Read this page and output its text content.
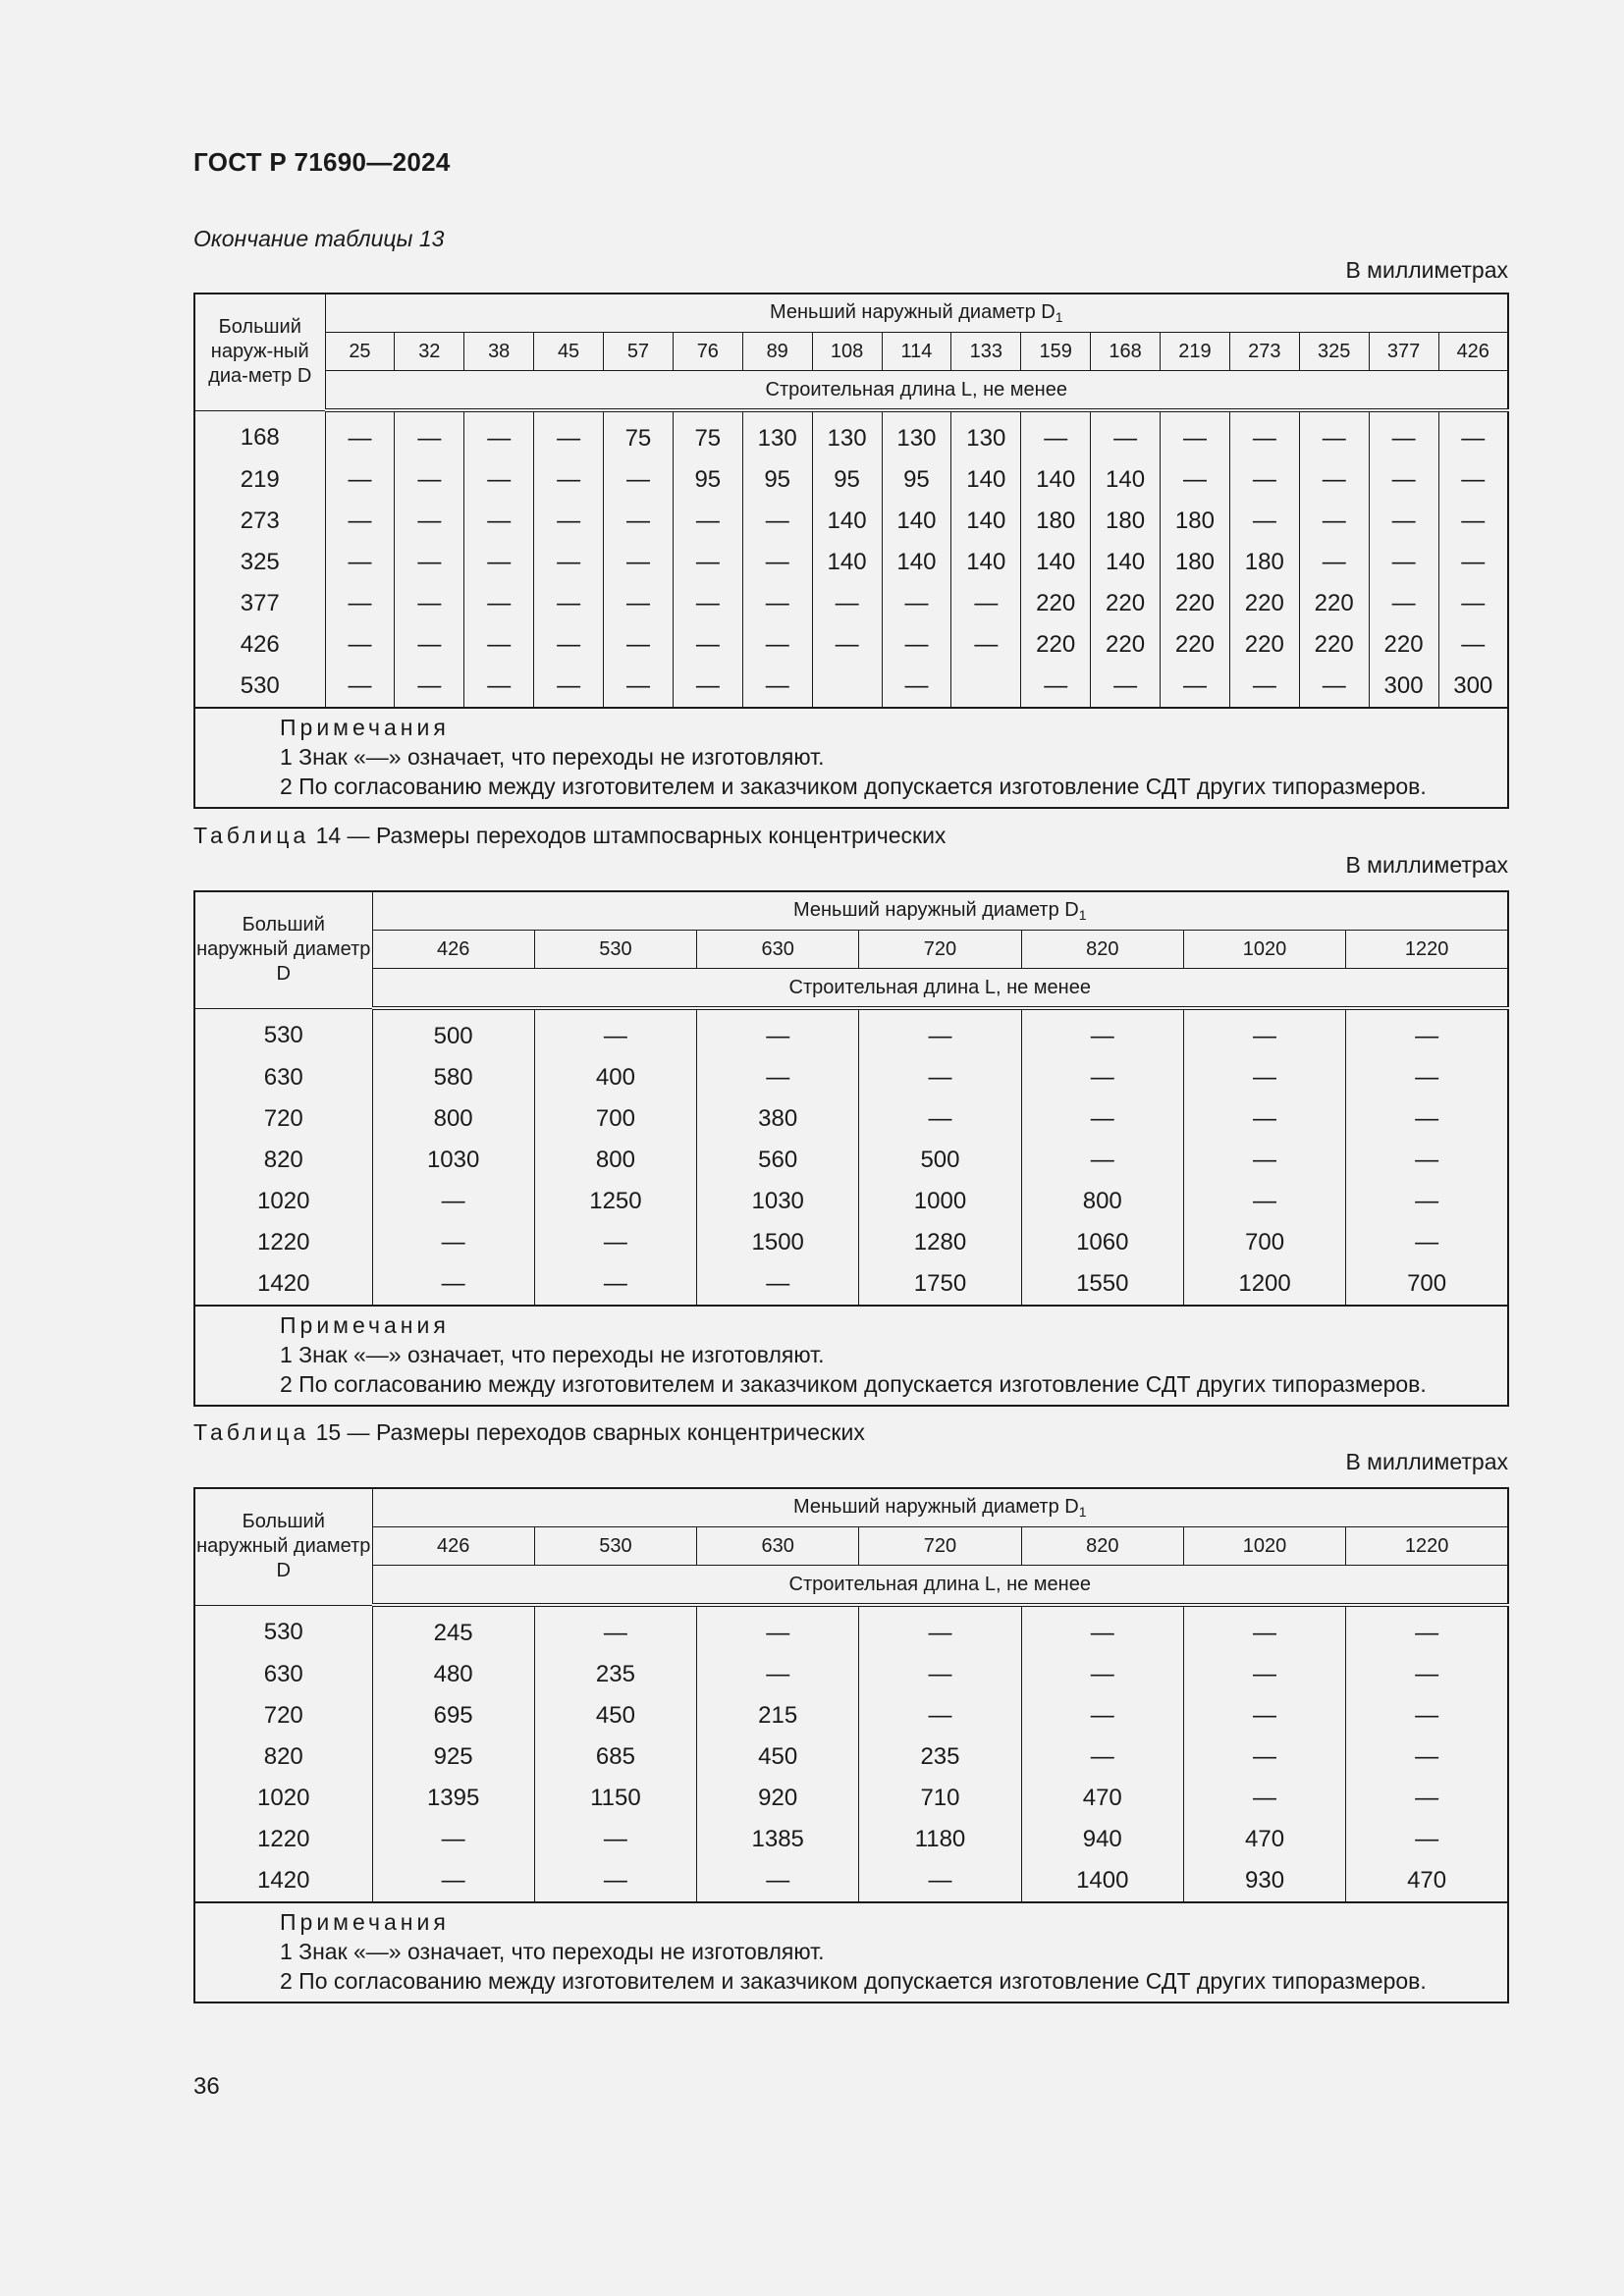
ГОСТ Р 71690—2024
Окончание таблицы 13
В миллиметрах
Больший наруж-ный диа-метр D	Меньший наружный диаметр $D_1$
	25	32	38	45	57	76	89	108	114	133	159	168	219	273	325	377	426
	Строительная длина L, не менее																
168	—	—	—	—	75	75	130	130	130	130	—	—	—	—	—	—	—
219	—	—	—	—	—	95	95	95	95	140	140	140	—	—	—	—	—
273	—	—	—	—	—	—	—	140	140	140	180	180	180	—	—	—	—
325	—	—	—	—	—	—	—	140	140	140	140	140	180	180	—	—	—
377	—	—	—	—	—	—	—	—	—	—	220	220	220	220	220	—	—
426	—	—	—	—	—	—	—	—	—	—	220	220	220	220	220	220	—
530	—	—	—	—	—	—	—		—		—	—	—	—	—	300	300

Примечания
1 Знак «—» означает, что переходы не изготовляют.
2 По согласованию между изготовителем и заказчиком допускается изготовление СДТ других типоразмеров.																	
Таблица 14 — Размеры переходов штампосварных концентрических
В миллиметрах
Больший наружный диаметр D	Меньший наружный диаметр $D_1$
	426	530	630	720	820	1020	1220
	Строительная длина L, не менее						
530	500	—	—	—	—	—	—
630	580	400	—	—	—	—	—
720	800	700	380	—	—	—	—
820	1030	800	560	500	—	—	—
1020	—	1250	1030	1000	800	—	—
1220	—	—	1500	1280	1060	700	—
1420	—	—	—	1750	1550	1200	700

Примечания
1 Знак «—» означает, что переходы не изготовляют.
2 По согласованию между изготовителем и заказчиком допускается изготовление СДТ других типоразмеров.							
Таблица 15 — Размеры переходов сварных концентрических
В миллиметрах
Больший наружный диаметр D	Меньший наружный диаметр $D_1$
	426	530	630	720	820	1020	1220
	Строительная длина L, не менее						
530	245	—	—	—	—	—	—
630	480	235	—	—	—	—	—
720	695	450	215	—	—	—	—
820	925	685	450	235	—	—	—
1020	1395	1150	920	710	470	—	—
1220	—	—	1385	1180	940	470	—
1420	—	—	—	—	1400	930	470

Примечания
1 Знак «—» означает, что переходы не изготовляют.
2 По согласованию между изготовителем и заказчиком допускается изготовление СДТ других типоразмеров.							
36
